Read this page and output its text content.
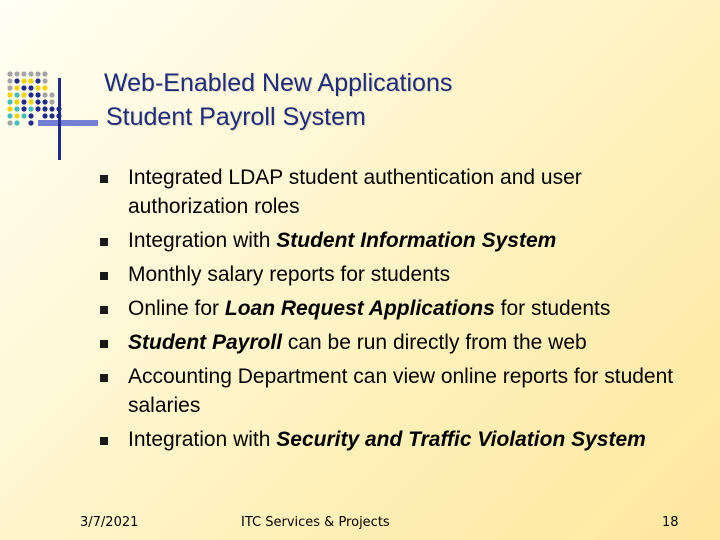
Web-Enabled New Applications
Student Payroll System
Integrated LDAP student authentication and user authorization roles
Integration with Student Information System
Monthly salary reports for students
Online for Loan Request Applications for students
Student Payroll can be run directly from the web
Accounting Department can view online reports for student salaries
Integration with Security and Traffic Violation System
3/7/2021	ITC Services & Projects	18
